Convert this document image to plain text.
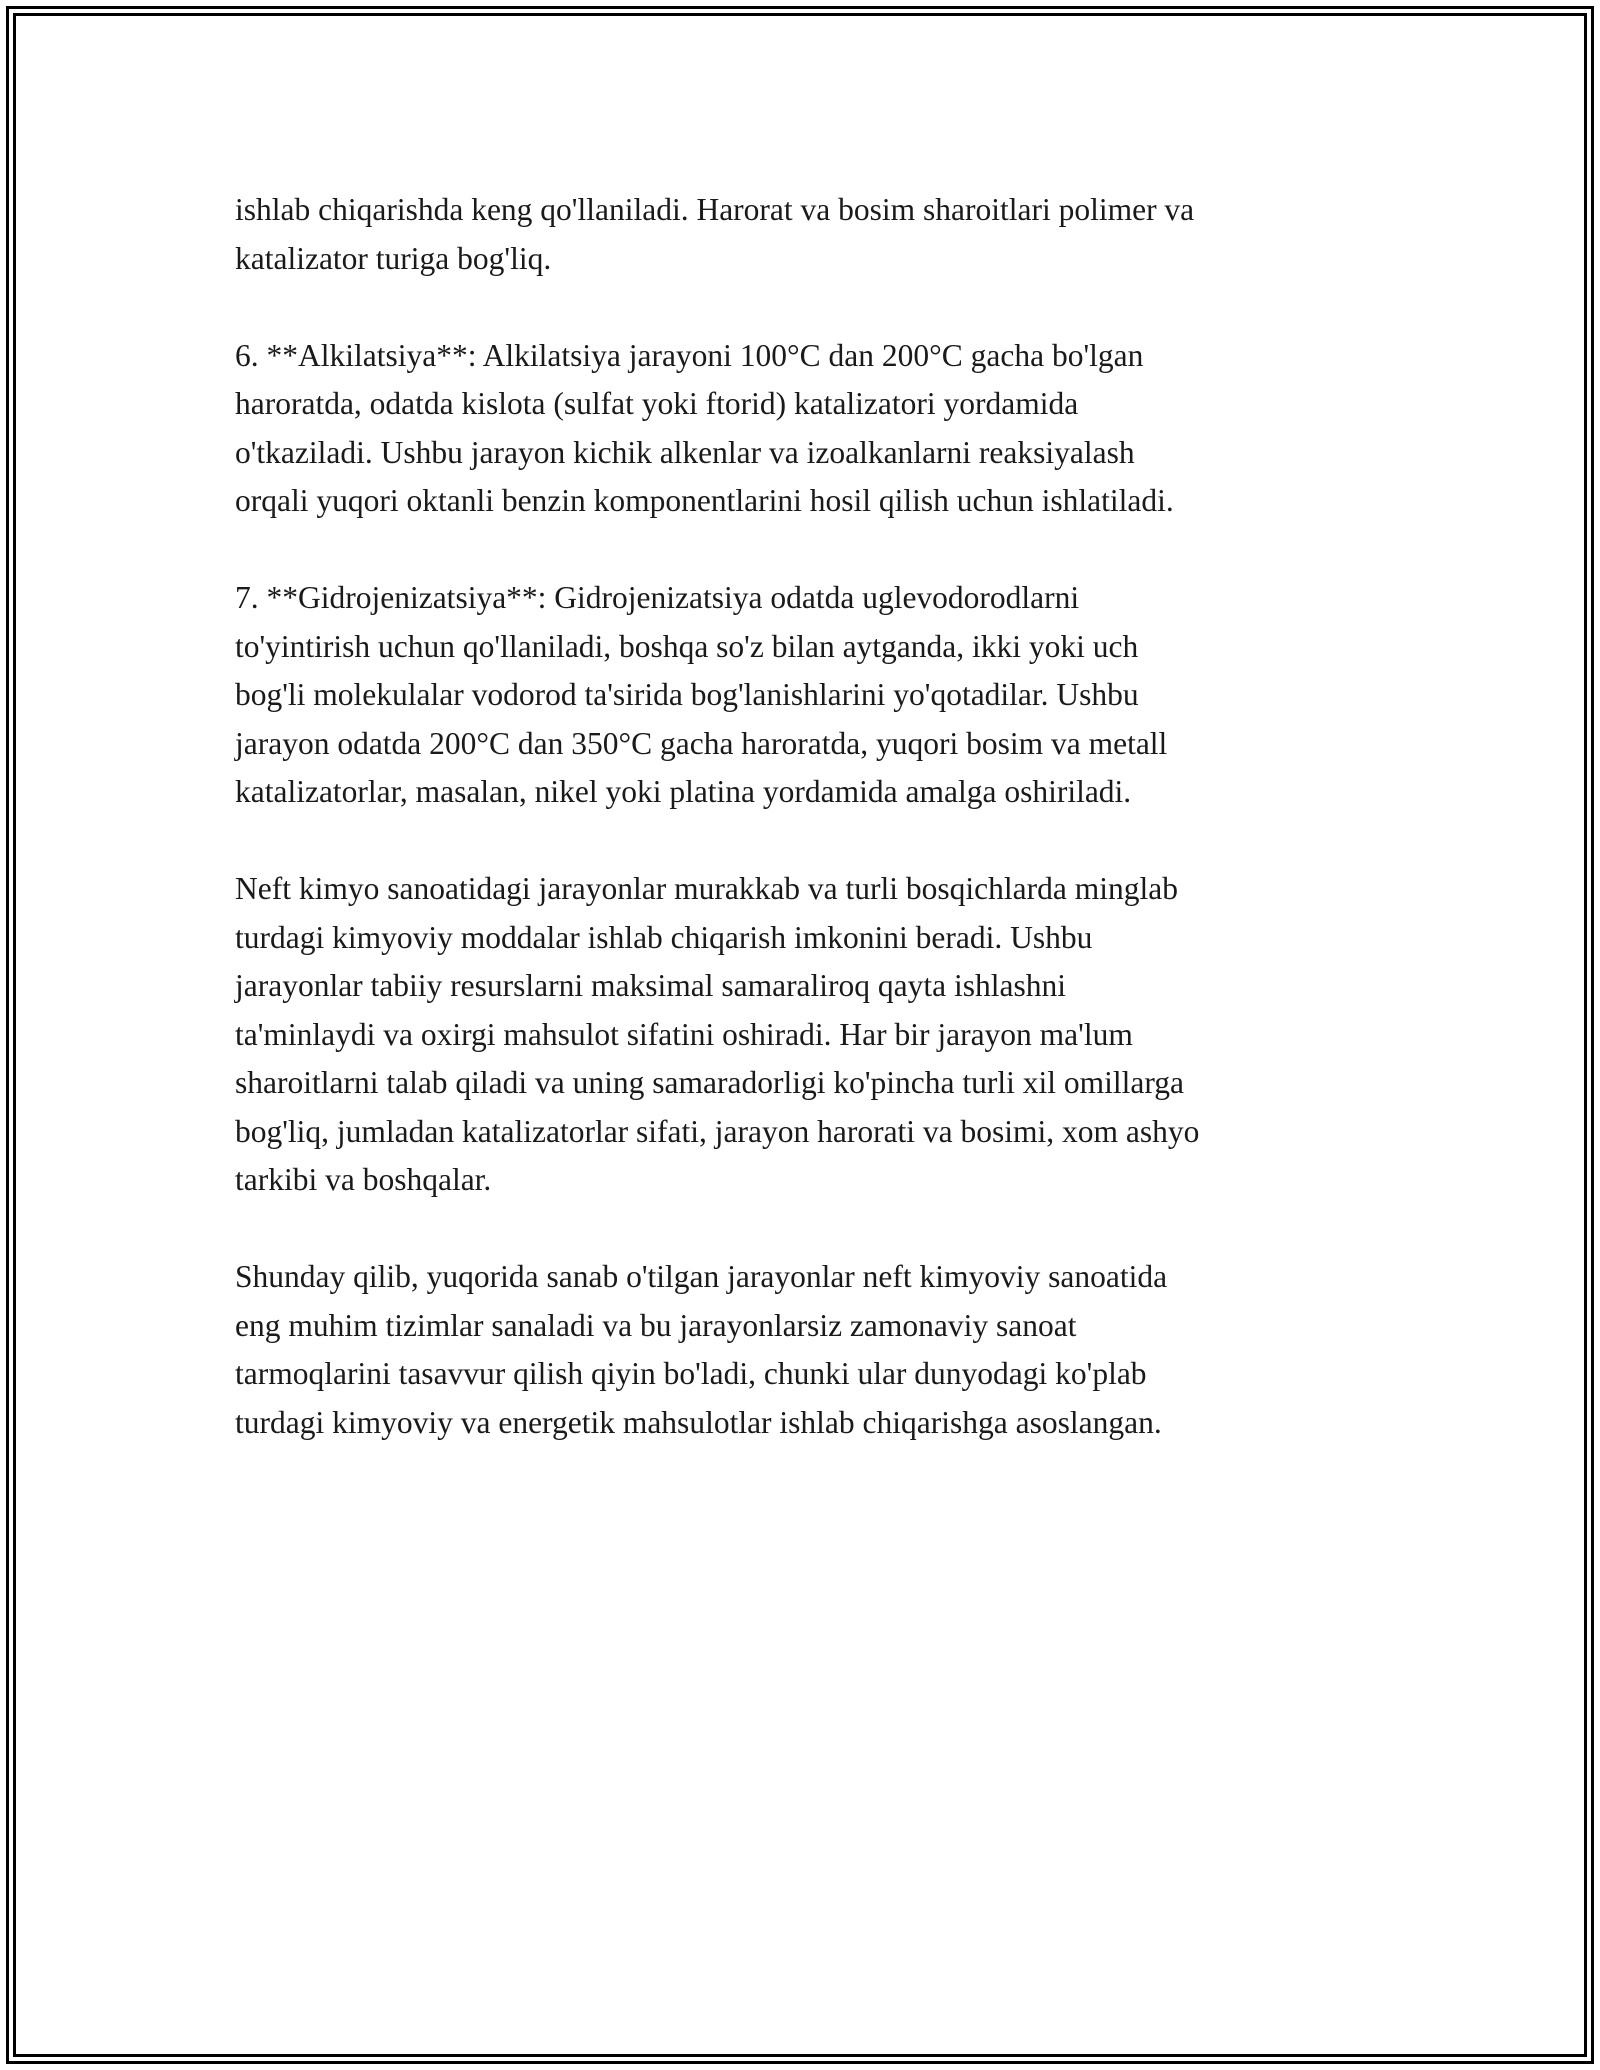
ishlab chiqarishda keng qo'llaniladi. Harorat va bosim sharoitlari polimer va
katalizator turiga bog'liq.

6. **Alkilatsiya**: Alkilatsiya jarayoni 100°C dan 200°C gacha bo'lgan
haroratda, odatda kislota (sulfat yoki ftorid) katalizatori yordamida
o'tkaziladi. Ushbu jarayon kichik alkenlar va izoalkanlarni reaksiyalash
orqali yuqori oktanli benzin komponentlarini hosil qilish uchun ishlatiladi.

7. **Gidrojenizatsiya**: Gidrojenizatsiya odatda uglevodorodlarni
to'yintirish uchun qo'llaniladi, boshqa so'z bilan aytganda, ikki yoki uch
bog'li molekulalar vodorod ta'sirida bog'lanishlarini yo'qotadilar. Ushbu
jarayon odatda 200°C dan 350°C gacha haroratda, yuqori bosim va metall
katalizatorlar, masalan, nikel yoki platina yordamida amalga oshiriladi.

Neft kimyo sanoatidagi jarayonlar murakkab va turli bosqichlarda minglab
turdagi kimyoviy moddalar ishlab chiqarish imkonini beradi. Ushbu
jarayonlar tabiiy resurslarni maksimal samaraliroq qayta ishlashni
ta'minlaydi va oxirgi mahsulot sifatini oshiradi. Har bir jarayon ma'lum
sharoitlarni talab qiladi va uning samaradorligi ko'pincha turli xil omillarga
bog'liq, jumladan katalizatorlar sifati, jarayon harorati va bosimi, xom ashyo
tarkibi va boshqalar.

Shunday qilib, yuqorida sanab o'tilgan jarayonlar neft kimyoviy sanoatida
eng muhim tizimlar sanaladi va bu jarayonlarsiz zamonaviy sanoat
tarmoqlarini tasavvur qilish qiyin bo'ladi, chunki ular dunyodagi ko'plab
turdagi kimyoviy va energetik mahsulotlar ishlab chiqarishga asoslangan.
